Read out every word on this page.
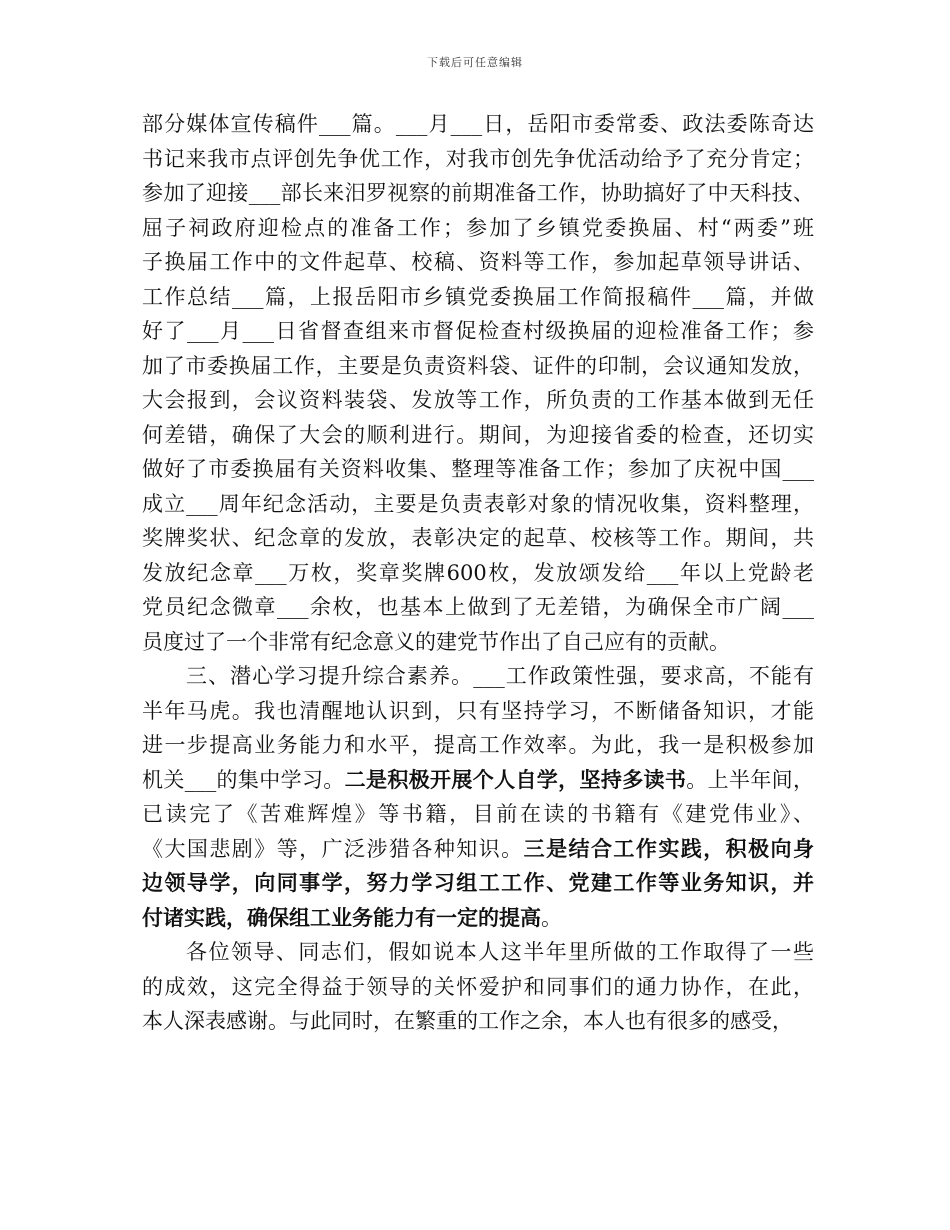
下载后可任意编辑
部分媒体宣传稿件___篇。___月___日，岳阳市委常委、政法委陈奇达
书记来我市点评创先争优工作，对我市创先争优活动给予了充分肯定；
参加了迎接___部长来汨罗视察的前期准备工作，协助搞好了中天科技、
屈子祠政府迎检点的准备工作；参加了乡镇党委换届、村“两委”班
子换届工作中的文件起草、校稿、资料等工作，参加起草领导讲话、
工作总结___篇，上报岳阳市乡镇党委换届工作简报稿件___篇，并做
好了___月___日省督查组来市督促检查村级换届的迎检准备工作；参
加了市委换届工作，主要是负责资料袋、证件的印制，会议通知发放，
大会报到，会议资料装袋、发放等工作，所负责的工作基本做到无任
何差错，确保了大会的顺利进行。期间，为迎接省委的检查，还切实
做好了市委换届有关资料收集、整理等准备工作；参加了庆祝中国___
成立___周年纪念活动，主要是负责表彰对象的情况收集，资料整理，
奖牌奖状、纪念章的发放，表彰决定的起草、校核等工作。期间，共
发放纪念章___万枚，奖章奖牌600枚，发放颂发给___年以上党龄老
党员纪念微章___余枚，也基本上做到了无差错，为确保全市广阔___
员度过了一个非常有纪念意义的建党节作出了自己应有的贡献。
三、潜心学习提升综合素养。___工作政策性强，要求高，不能有
半年马虎。我也清醒地认识到，只有坚持学习，不断储备知识，才能
进一步提高业务能力和水平，提高工作效率。为此，我一是积极参加
机关___的集中学习。二是积极开展个人自学，坚持多读书。上半年间，
已读完了《苦难辉煌》等书籍，目前在读的书籍有《建党伟业》、
《大国悲剧》等，广泛涉猎各种知识。三是结合工作实践，积极向身
边领导学，向同事学，努力学习组工工作、党建工作等业务知识，并
付诸实践，确保组工业务能力有一定的提高。
各位领导、同志们，假如说本人这半年里所做的工作取得了一些
的成效，这完全得益于领导的关怀爱护和同事们的通力协作，在此，
本人深表感谢。与此同时，在繁重的工作之余，本人也有很多的感受，
